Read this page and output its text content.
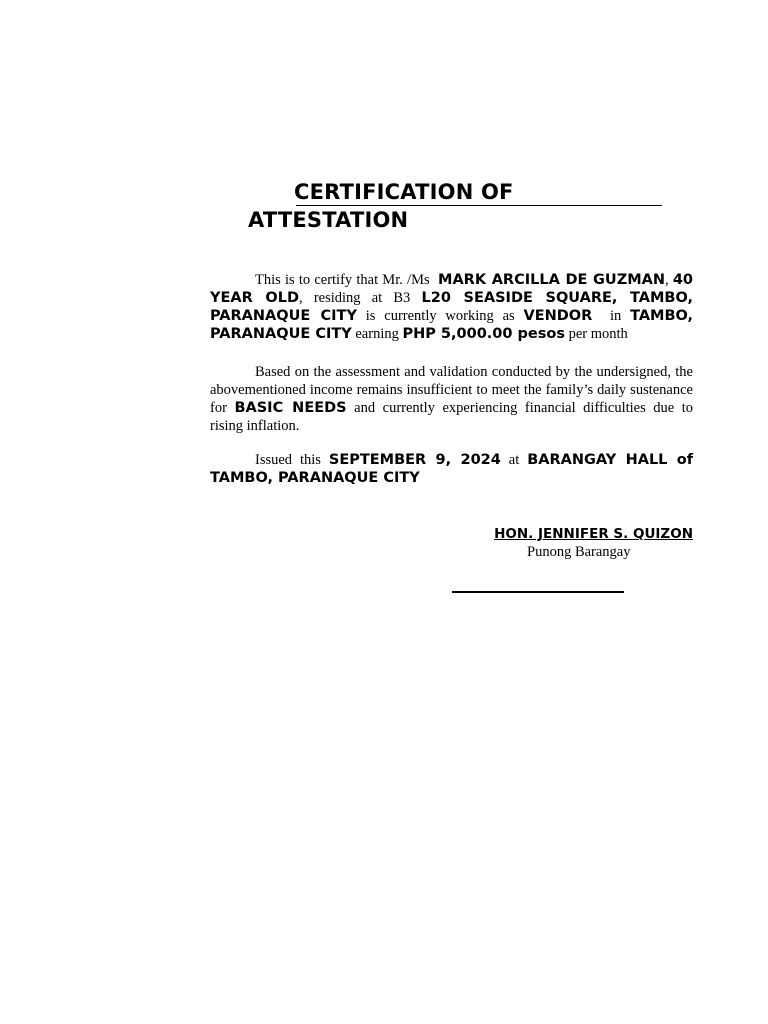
CERTIFICATION OF
ATTESTATION
This is to certify that Mr. /Ms MARK ARCILLA DE GUZMAN, 40 YEAR OLD, residing at B3 L20 SEASIDE SQUARE, TAMBO, PARANAQUE CITY is currently working as VENDOR in TAMBO, PARANAQUE CITY earning PHP 5,000.00 pesos per month
Based on the assessment and validation conducted by the undersigned, the abovementioned income remains insufficient to meet the family’s daily sustenance for BASIC NEEDS and currently experiencing financial difficulties due to rising inflation.
Issued this SEPTEMBER 9, 2024 at BARANGAY HALL of TAMBO, PARANAQUE CITY
HON. JENNIFER S. QUIZON
Punong Barangay
